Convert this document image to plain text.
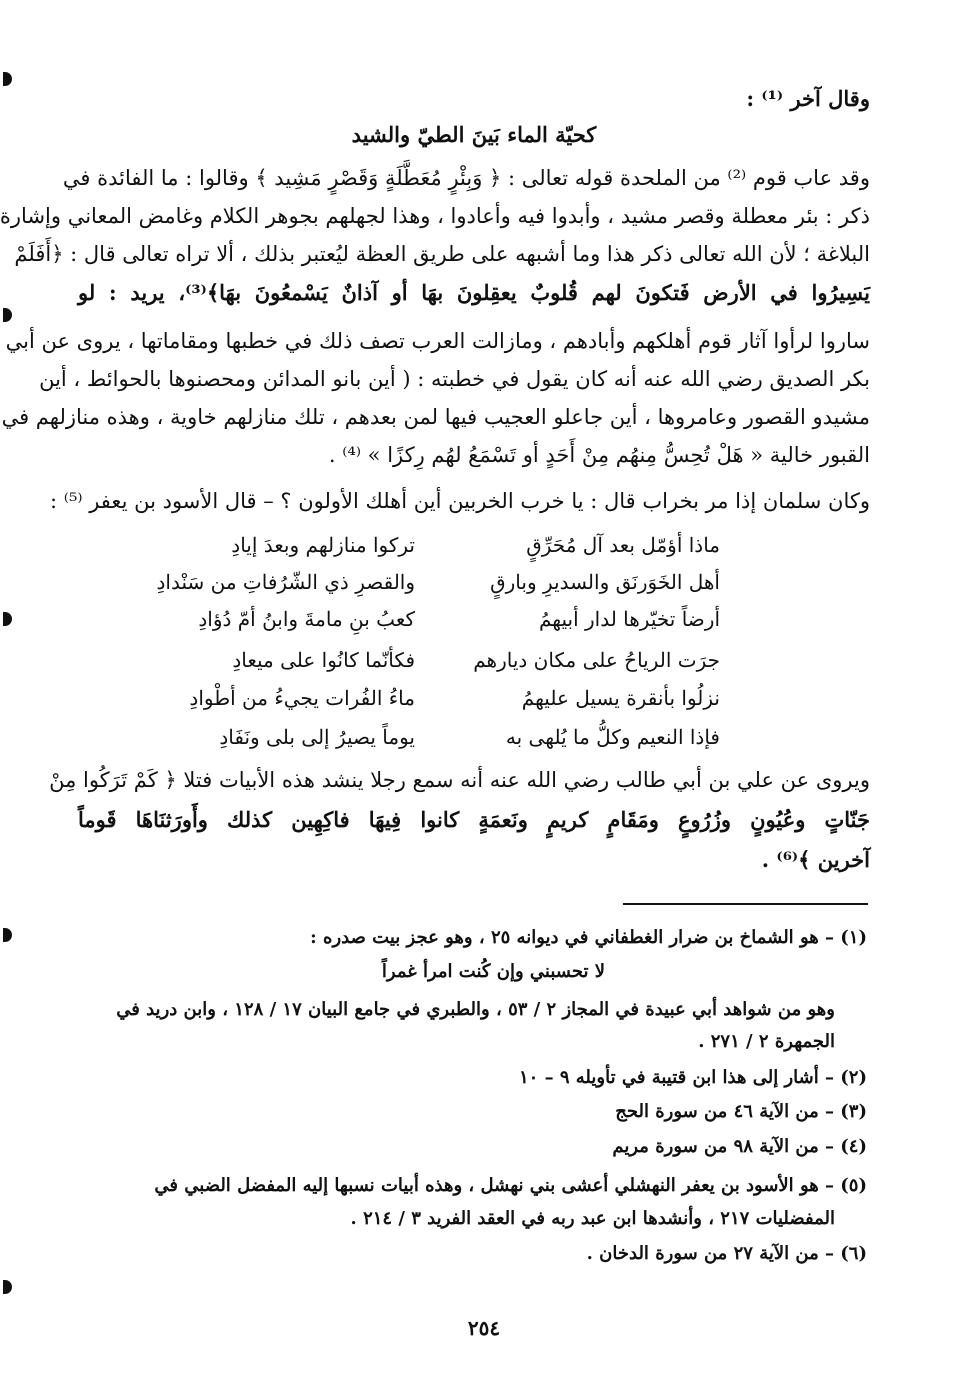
وقال آخر ⁽¹⁾ :
كحيّة الماء بَينَ الطيّ والشيد
وقد عاب قوم ⁽²⁾ من الملحدة قوله تعالى : ﴿ وَبِئْرٍ مُعَطَّلَةٍ وَقَصْرٍ مَشِيد ﴾ وقالوا : ما الفائدة في
ذكر : بئر معطلة وقصر مشيد ، وأبدوا فيه وأعادوا ، وهذا لجهلهم بجوهر الكلام وغامض المعاني وإشارة
البلاغة ؛ لأن الله تعالى ذكر هذا وما أشبهه على طريق العظة ليُعتبر بذلك ، ألا تراه تعالى قال : ﴿أَفَلَمْ
يَسِيرُوا في الأرض فَتكونَ لهم قُلوبٌ يعقِلونَ بهَا أو آذانٌ يَسْمعُونَ بهَا﴾⁽³⁾، يريد : لو
ساروا لرأوا آثار قوم أهلكهم وأبادهم ، ومازالت العرب تصف ذلك في خطبها ومقاماتها ، يروى عن أبي
بكر الصديق رضي الله عنه أنه كان يقول في خطبته : ( أين بانو المدائن ومحصنوها بالحوائط ، أين
مشيدو القصور وعامروها ، أين جاعلو العجيب فيها لمن بعدهم ، تلك منازلهم خاوية ، وهذه منازلهم في
القبور خالية « هَلْ تُحِسُّ مِنهُم مِنْ أَحَدٍ أو تَسْمَعُ لهُم رِكزًا » ⁽⁴⁾ .
وكان سلمان إذا مر بخراب قال : يا خرب الخربين أين أهلك الأولون ؟ – قال الأسود بن يعفر ⁽⁵⁾ :
ماذا أؤمّل بعد آل مُحَرِّقٍ
تركوا منازلهم وبعدَ إيادِ
أهل الخَوَرنَق والسديرِ وبارقٍ
والقصرِ ذي الشّرُفاتِ من سَنْدادِ
أرضاً تخيّرها لدار أبيهمُ
كعبُ بنِ مامةَ وابنُ أمّ دُؤادِ
جرَت الرياحُ على مكان ديارهم
فكأنّما كانُوا على ميعادِ
نزلُوا بأنقرة يسيل عليهمُ
ماءُ الفُرات يجيءُ من أطْوادِ
فإذا النعيم وكلُّ ما يُلهى به
يوماً يصيرُ إلى بلى ونَفَادِ
ويروى عن علي بن أبي طالب رضي الله عنه أنه سمع رجلا ينشد هذه الأبيات فتلا ﴿ كَمْ تَرَكُوا مِنْ
جَنّاتٍ وعُيُونٍ وزُرُوعٍ ومَقَامٍ كريمٍ ونَعمَةٍ كانوا فِيهَا فاكِهِين كذلك وأَورَثنَاهَا قَوماً
آخرين ﴾⁽⁶⁾ .
(١) – هو الشماخ بن ضرار الغطفاني في ديوانه ٢٥ ، وهو عجز بيت صدره :
لا تحسبني وإن كُنت امرأ غمراً
وهو من شواهد أبي عبيدة في المجاز ٢ / ٥٣ ، والطبري في جامع البيان ١٧ / ١٢٨ ، وابن دريد في
الجمهرة ٢ / ٢٧١ .
(٢) – أشار إلى هذا ابن قتيبة في تأويله ٩ – ١٠
(٣) – من الآية ٤٦ من سورة الحج
(٤) – من الآية ٩٨ من سورة مريم
(٥) – هو الأسود بن يعفر النهشلي أعشى بني نهشل ، وهذه أبيات نسبها إليه المفضل الضبي في
المفضليات ٢١٧ ، وأنشدها ابن عبد ربه في العقد الفريد ٣ / ٢١٤ .
(٦) – من الآية ٢٧ من سورة الدخان .
٢٥٤
